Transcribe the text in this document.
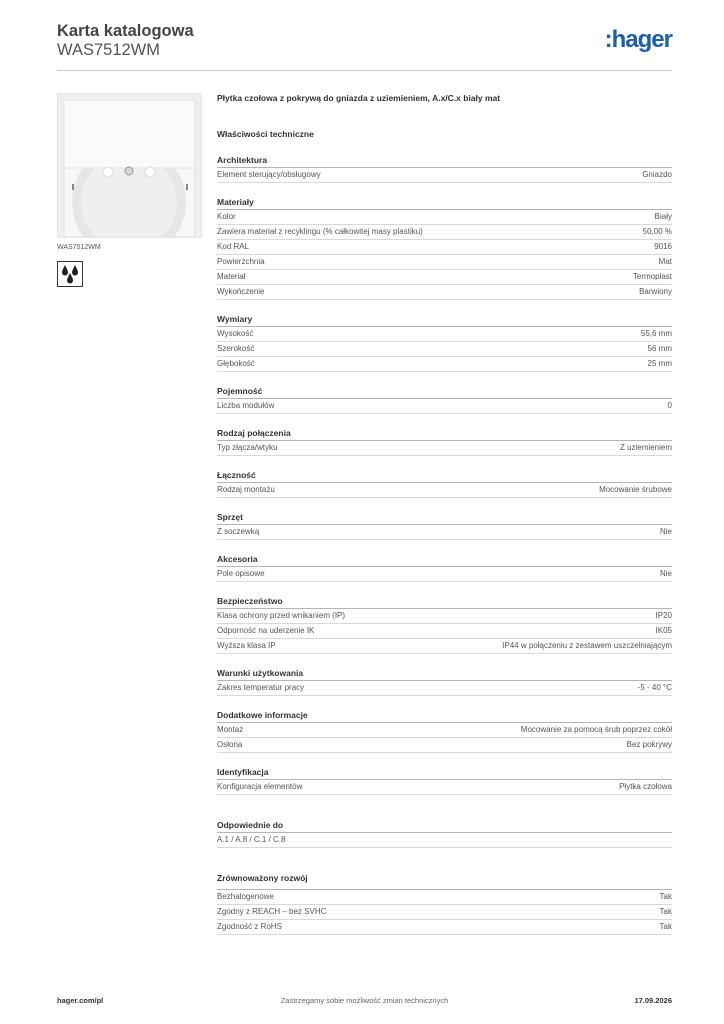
Karta katalogowa
WAS7512WM	:hager
WAS7512WM
Płytka czołowa z pokrywą do gniazda z uziemieniem, A.x/C.x biały mat
Właściwości techniczne
Architektura
Element sterujący/obsługowy	Gniazdo
Materiały
Kolor	Biały
Zawiera materiał z recyklingu (% całkowitej masy plastiku)	50,00 %
Kod RAL	9016
Powierzchnia	Mat
Materiał	Termoplast
Wykończenie	Barwiony
Wymiary
Wysokość	55,6 mm
Szerokość	56 mm
Głębokość	25 mm
Pojemność
Liczba modułów	0
Rodzaj połączenia
Typ złącza/wtyku	Z uziemieniem
Łączność
Rodzaj montażu	Mocowanie śrubowe
Sprzęt
Z soczewką	Nie
Akcesoria
Pole opisowe	Nie
Bezpieczeństwo
Klasa ochrony przed wnikaniem (IP)	IP20
Odporność na uderzenie IK	IK05
Wyższa klasa IP	IP44 w połączeniu z zestawem uszczelniającym
Warunki użytkowania
Zakres temperatur pracy	-5 - 40 °C
Dodatkowe informacje
Montaż	Mocowanie za pomocą śrub poprzez cokół
Osłona	Bez pokrywy
Identyfikacja
Konfiguracja elementów	Płytka czołowa
Odpowiednie do
A.1 / A.8 / C.1 / C.8
Zrównoważony rozwój
Bezhalogenowe	Tak
Zgodny z REACH – bez SVHC	Tak
Zgodność z RoHS	Tak
Zastrzegamy sobie możliwość zmian technicznych
hager.com/pl	17.09.2026
